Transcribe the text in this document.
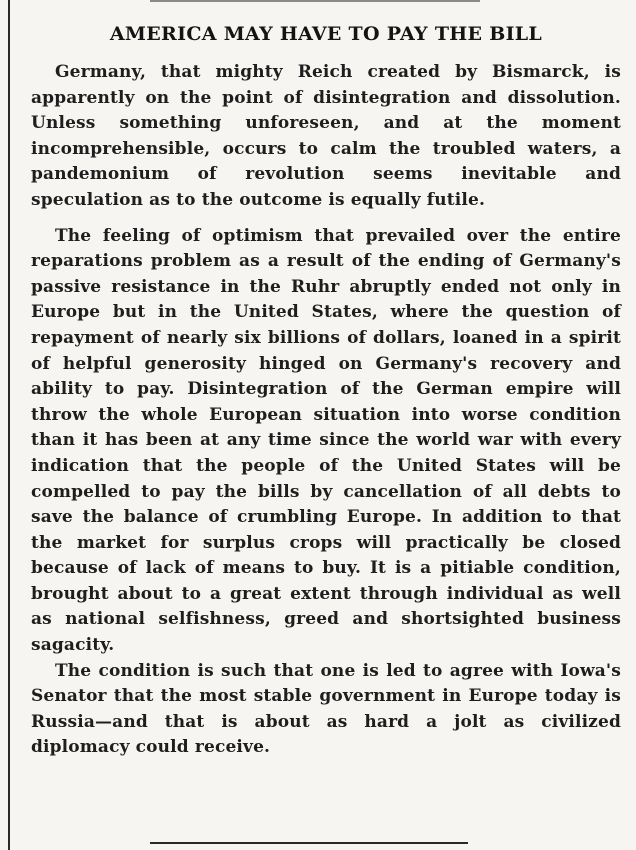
AMERICA MAY HAVE TO PAY THE BILL

Germany, that mighty Reich created by Bismarck, is apparently on the point of disintegration and dissolution. Unless something unforeseen, and at the moment incomprehensible, occurs to calm the troubled waters, a pandemonium of revolution seems inevitable and speculation as to the outcome is equally futile.

The feeling of optimism that prevailed over the entire reparations problem as a result of the ending of Germany's passive resistance in the Ruhr abruptly ended not only in Europe but in the United States, where the question of repayment of nearly six billions of dollars, loaned in a spirit of helpful generosity hinged on Germany's recovery and ability to pay. Disintegration of the German empire will throw the whole European situation into worse condition than it has been at any time since the world war with every indication that the people of the United States will be compelled to pay the bills by cancellation of all debts to save the balance of crumbling Europe. In addition to that the market for surplus crops will practically be closed because of lack of means to buy. It is a pitiable condition, brought about to a great extent through individual as well as national selfishness, greed and shortsighted business sagacity.

The condition is such that one is led to agree with Iowa's Senator that the most stable government in Europe today is Russia—and that is about as hard a jolt as civilized diplomacy could receive.
